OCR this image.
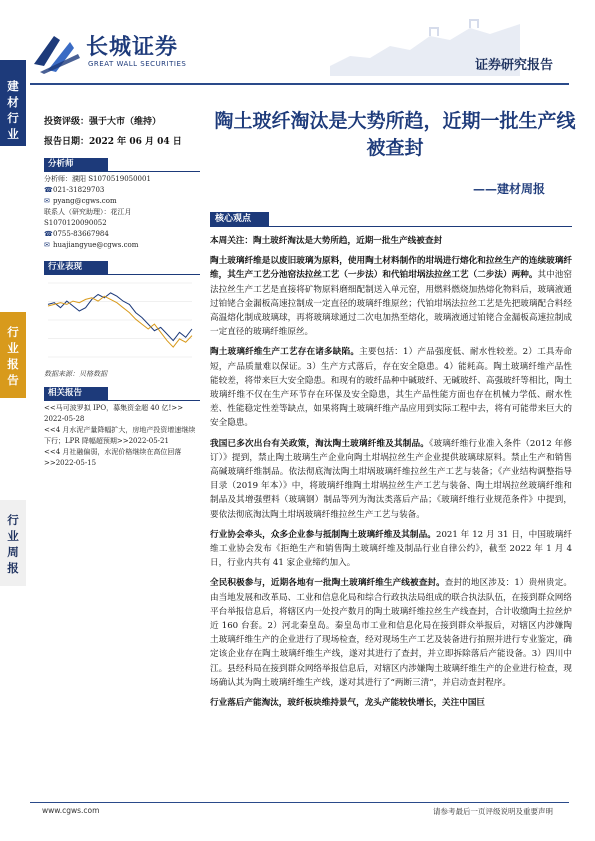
长城证券
GREAT WALL SECURITIES	证券研究报告
建
材
行
业
行
业
报
告
行
业
周
报
投资评级：强于大市（维持）
报告日期：2022 年 06 月 04 日
分析师
分析师：濮阳 S1070519050001
☎ 021-31829703
✉ pyang@cgws.com
联系人（研究助理）：花江月
S1070120090052
☎ 0755-83667984
✉ huajiangyue@cgws.com
行业表现
数据来源：贝格数据
相关报告
<<马可波罗拟 IPO，募集资金超 40 亿!>>
2022-05-28
<<4 月水泥产量降幅扩大，房地产投资增速继续下行；LPR 降幅超预期>>2022-05-21
<<4 月社融偏弱，水泥价格继续在高位回落>>2022-05-15
陶土玻纤淘汰是大势所趋，近期一批生产线被查封
——建材周报
核心观点

本周关注：陶土玻纤淘汰是大势所趋，近期一批生产线被查封

陶土玻璃纤维是以废旧玻璃为原料，使用陶土材料制作的坩埚进行熔化和拉丝生产的连续玻璃纤维，其生产工艺分池窑法拉丝工艺（一步法）和代铂坩埚法拉丝工艺（二步法）两种。其中池窑法拉丝生产工艺是直接将矿物原料磨细配制送入单元窑，用燃料燃烧加热熔化物料后，玻璃液通过铂铑合金漏板高速拉制成一定直径的玻璃纤维原丝；代铂坩埚法拉丝工艺是先把玻璃配合料经高温熔化制成玻璃球，再将玻璃球通过二次电加热至熔化，玻璃液通过铂铑合金漏板高速拉制成一定直径的玻璃纤维原丝。

陶土玻璃纤维生产工艺存在诸多缺陷。主要包括：1）产品强度低、耐水性较差。2）工具寿命短，产品质量难以保证。3）生产方式落后，存在安全隐患。4）能耗高。陶土玻璃纤维产品性能较差，将带来巨大安全隐患。和现有的玻纤品种中碱玻纤、无碱玻纤、高强玻纤等相比，陶土玻璃纤维不仅在生产环节存在环保及安全隐患，其生产品性能方面也存在机械力学低、耐水性差、性能稳定性差等缺点，如果将陶土玻璃纤维产品应用到实际工程中去，将有可能带来巨大的安全隐患。

我国已多次出台有关政策，淘汰陶土玻璃纤维及其制品。《玻璃纤维行业准入条件（2012 年修订）》提到，禁止陶土玻璃生产企业向陶土坩埚拉丝生产企业提供玻璃球原料。禁止生产和销售高碱玻璃纤维制品。依法彻底淘汰陶土坩埚玻璃纤维拉丝生产工艺与装备；《产业结构调整指导目录（2019 年本）》中，将玻璃纤维陶土坩埚拉丝生产工艺与装备、陶土坩埚拉丝玻璃纤维和制品及其增强塑料（玻璃钢）制品等列为淘汰类落后产品；《玻璃纤维行业规范条件》中提到，要依法彻底淘汰陶土坩埚玻璃纤维拉丝生产工艺与装备。

行业协会牵头，众多企业参与抵制陶土玻璃纤维及其制品。2021 年 12 月 31 日，中国玻璃纤维工业协会发布《拒绝生产和销售陶土玻璃纤维及制品行业自律公约》，截至 2022 年 1 月 4 日，行业内共有 41 家企业缔约加入。

全民积极参与，近期各地有一批陶土玻璃纤维生产线被查封。查封的地区涉及：1）贵州贵定。由当地发展和改革局、工业和信息化局和综合行政执法局组成的联合执法队伍，在接到群众网络平台举报信息后，将辖区内一处投产数月的陶土玻璃纤维拉丝生产线查封，合计收缴陶土拉丝炉近 160 台套。2）河北秦皇岛。秦皇岛市工业和信息化局在接到群众举报后，对辖区内涉嫌陶土玻璃纤维生产的企业进行了现场检查，经对现场生产工艺及装备进行拍照并进行专业鉴定，确定该企业存在陶土玻璃纤维生产线，遂对其进行了查封，并立即拆除落后产能设备。3）四川中江。县经科局在接到群众网络举报信息后，对辖区内涉嫌陶土玻璃纤维生产的企业进行检查，现场确认其为陶土玻璃纤维生产线，遂对其进行了“两断三清”，并启动查封程序。

行业落后产能淘汰，玻纤板块维持景气，龙头产能较快增长，关注中国巨

www.cgws.com	请参考最后一页评级说明及重要声明
